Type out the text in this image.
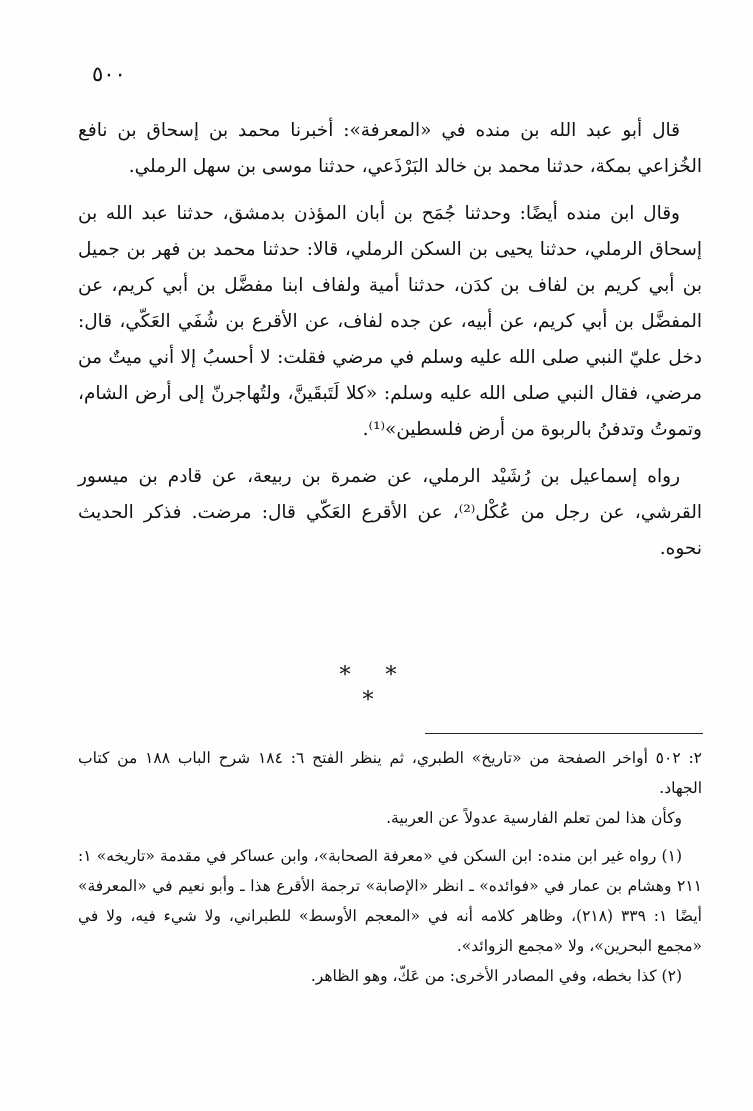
٥٠٠

قال أبو عبد الله بن منده في «المعرفة»: أخبرنا محمد بن إسحاق بن نافع الخُزاعي بمكة، حدثنا محمد بن خالد البَرْذَعي، حدثنا موسى بن سهل الرملي.

وقال ابن منده أيضًا: وحدثنا جُمَح بن أبان المؤذن بدمشق، حدثنا عبد الله بن إسحاق الرملي، حدثنا يحيى بن السكن الرملي، قالا: حدثنا محمد بن فهر بن جميل بن أبي كريم بن لفاف بن كدَن، حدثنا أمية ولفاف ابنا مفضَّل بن أبي كريم، عن المفضَّل بن أبي كريم، عن أبيه، عن جده لفاف، عن الأقرع بن شُفَي العَكّي، قال: دخل عليّ النبي صلى الله عليه وسلم في مرضي فقلت: لا أحسبُ إلا أني ميتٌ من مرضي، فقال النبي صلى الله عليه وسلم: «كلا لَتَبقَينَّ، ولتُهاجرنّ إلى أرض الشام، وتموتُ وتدفنُ بالربوة من أرض فلسطين»⁽¹⁾.

رواه إسماعيل بن رُشَيْد الرملي، عن ضمرة بن ربيعة، عن قادم بن ميسور القرشي، عن رجل من عُكْل⁽²⁾، عن الأقرع العَكّي قال: مرضت. فذكر الحديث نحوه.

* * *

٢: ٥٠٢ أواخر الصفحة من «تاريخ» الطبري، ثم ينظر الفتح ٦: ١٨٤ شرح الباب ١٨٨ من كتاب الجهاد.

وكأن هذا لمن تعلم الفارسية عدولاً عن العربية.

(١) رواه غير ابن منده: ابن السكن في «معرفة الصحابة»، وابن عساكر في مقدمة «تاريخه» ١: ٢١١ وهشام بن عمار في «فوائده» ـ انظر «الإصابة» ترجمة الأقرع هذا ـ وأبو نعيم في «المعرفة» أيضًا ١: ٣٣٩ (٢١٨)، وظاهر كلامه أنه في «المعجم الأوسط» للطبراني، ولا شيء فيه، ولا في «مجمع البحرين»، ولا «مجمع الزوائد».

(٢) كذا بخطه، وفي المصادر الأخرى: من عَكّ، وهو الظاهر.
